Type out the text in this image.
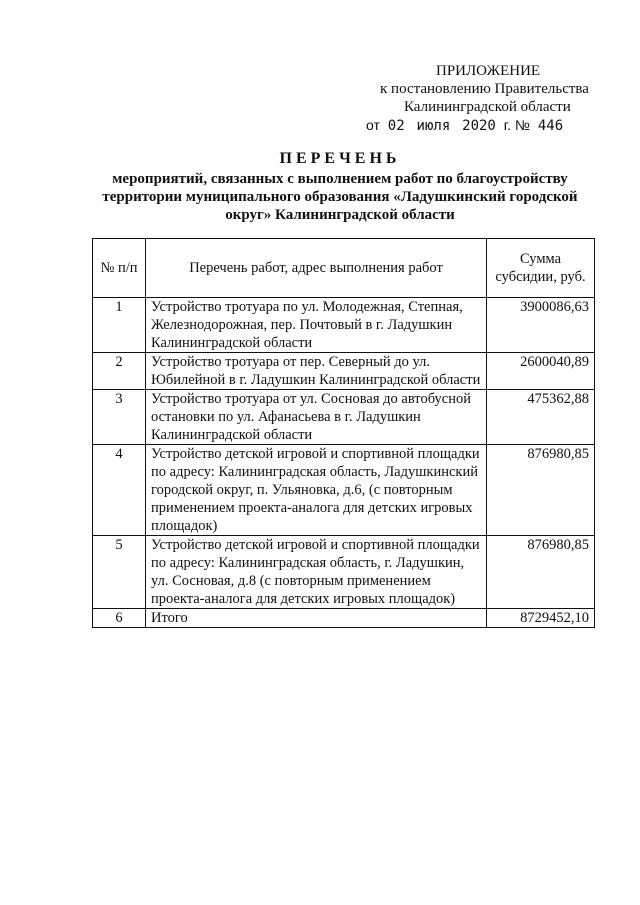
ПРИЛОЖЕНИЕ
к постановлению Правительства
Калининградской области
от 02 июля 2020 г. № 446
ПЕРЕЧЕНЬ
мероприятий, связанных с выполнением работ по благоустройству
территории муниципального образования «Ладушкинский городской
округ» Калининградской области
№ п/п	Перечень работ, адрес выполнения работ	Сумма субсидии, руб.
1	Устройство тротуара по ул. Молодежная, Степная, Железнодорожная, пер. Почтовый в г. Ладушкин Калининградской области	3900086,63
2	Устройство тротуара от пер. Северный до ул. Юбилейной в г. Ладушкин Калининградской области	2600040,89
3	Устройство тротуара от ул. Сосновая до автобусной остановки по ул. Афанасьева в г. Ладушкин Калининградской области	475362,88
4	Устройство детской игровой и спортивной площадки по адресу: Калининградская область, Ладушкинский городской округ, п. Ульяновка, д.6, (с повторным применением проекта-аналога для детских игровых площадок)	876980,85
5	Устройство детской игровой и спортивной площадки по адресу: Калининградская область, г. Ладушкин, ул. Сосновая, д.8 (с повторным применением проекта-аналога для детских игровых площадок)	876980,85
6	Итого	8729452,10
